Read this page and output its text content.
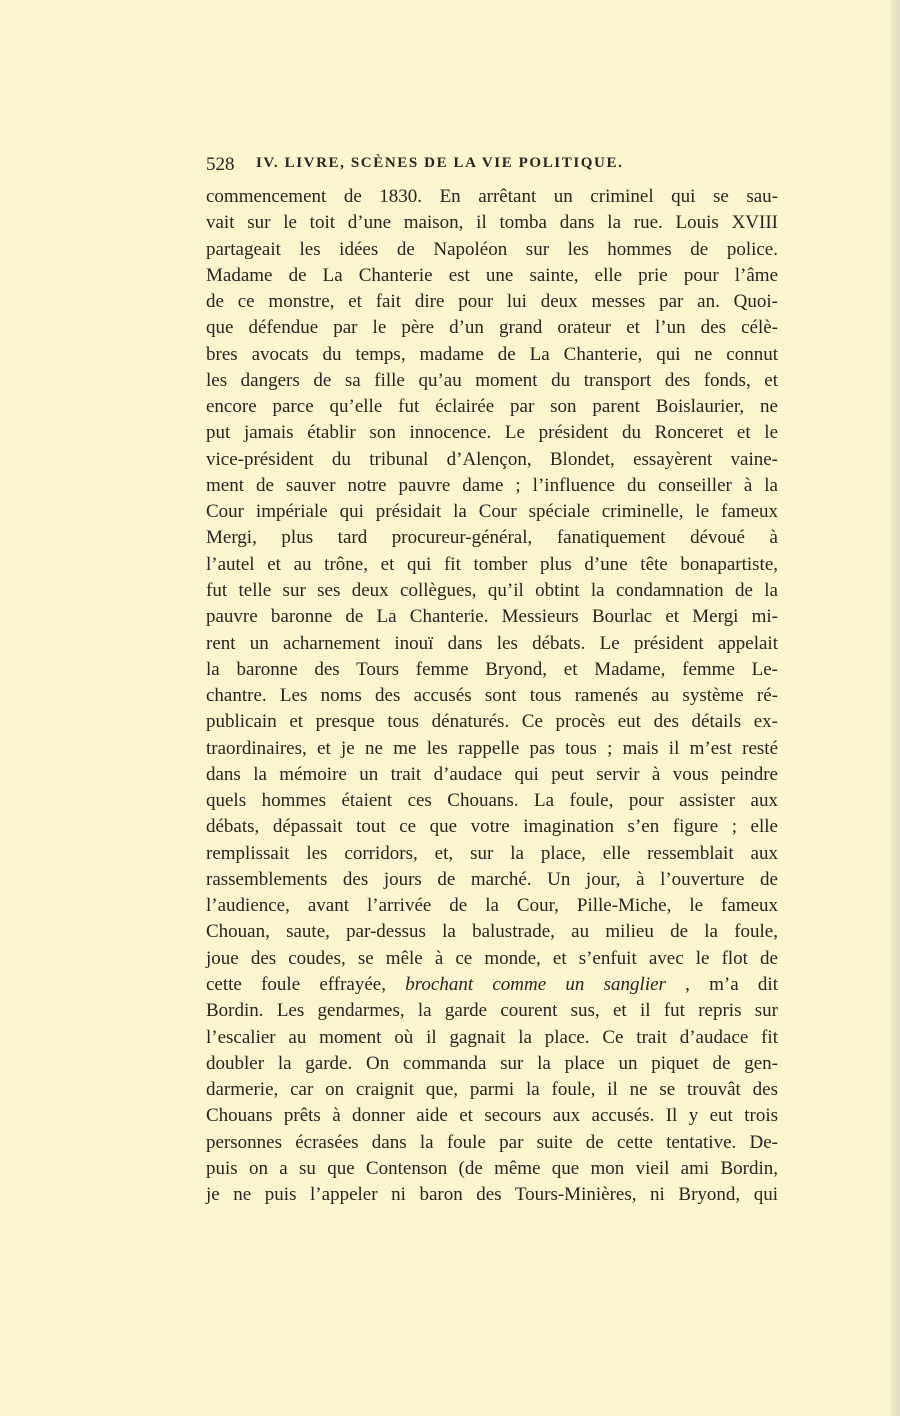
528 IV. LIVRE, SCÈNES DE LA VIE POLITIQUE.
commencement de 1830. En arrêtant un criminel qui se sau-
vait sur le toit d’une maison, il tomba dans la rue. Louis XVIII
partageait les idées de Napoléon sur les hommes de police.
Madame de La Chanterie est une sainte, elle prie pour l’âme
de ce monstre, et fait dire pour lui deux messes par an. Quoi-
que défendue par le père d’un grand orateur et l’un des célè-
bres avocats du temps, madame de La Chanterie, qui ne connut
les dangers de sa fille qu’au moment du transport des fonds, et
encore parce qu’elle fut éclairée par son parent Boislaurier, ne
put jamais établir son innocence. Le président du Ronceret et le
vice-président du tribunal d’Alençon, Blondet, essayèrent vaine-
ment de sauver notre pauvre dame ; l’influence du conseiller à la
Cour impériale qui présidait la Cour spéciale criminelle, le fameux
Mergi, plus tard procureur-général, fanatiquement dévoué à
l’autel et au trône, et qui fit tomber plus d’une tête bonapartiste,
fut telle sur ses deux collègues, qu’il obtint la condamnation de la
pauvre baronne de La Chanterie. Messieurs Bourlac et Mergi mi-
rent un acharnement inouï dans les débats. Le président appelait
la baronne des Tours femme Bryond, et Madame, femme Le-
chantre. Les noms des accusés sont tous ramenés au système ré-
publicain et presque tous dénaturés. Ce procès eut des détails ex-
traordinaires, et je ne me les rappelle pas tous ; mais il m’est resté
dans la mémoire un trait d’audace qui peut servir à vous peindre
quels hommes étaient ces Chouans. La foule, pour assister aux
débats, dépassait tout ce que votre imagination s’en figure ; elle
remplissait les corridors, et, sur la place, elle ressemblait aux
rassemblements des jours de marché. Un jour, à l’ouverture de
l’audience, avant l’arrivée de la Cour, Pille-Miche, le fameux
Chouan, saute, par-dessus la balustrade, au milieu de la foule,
joue des coudes, se mêle à ce monde, et s’enfuit avec le flot de
cette foule effrayée, brochant comme un sanglier , m’a dit
Bordin. Les gendarmes, la garde courent sus, et il fut repris sur
l’escalier au moment où il gagnait la place. Ce trait d’audace fit
doubler la garde. On commanda sur la place un piquet de gen-
darmerie, car on craignit que, parmi la foule, il ne se trouvât des
Chouans prêts à donner aide et secours aux accusés. Il y eut trois
personnes écrasées dans la foule par suite de cette tentative. De-
puis on a su que Contenson (de même que mon vieil ami Bordin,
je ne puis l’appeler ni baron des Tours-Minières, ni Bryond, qui
